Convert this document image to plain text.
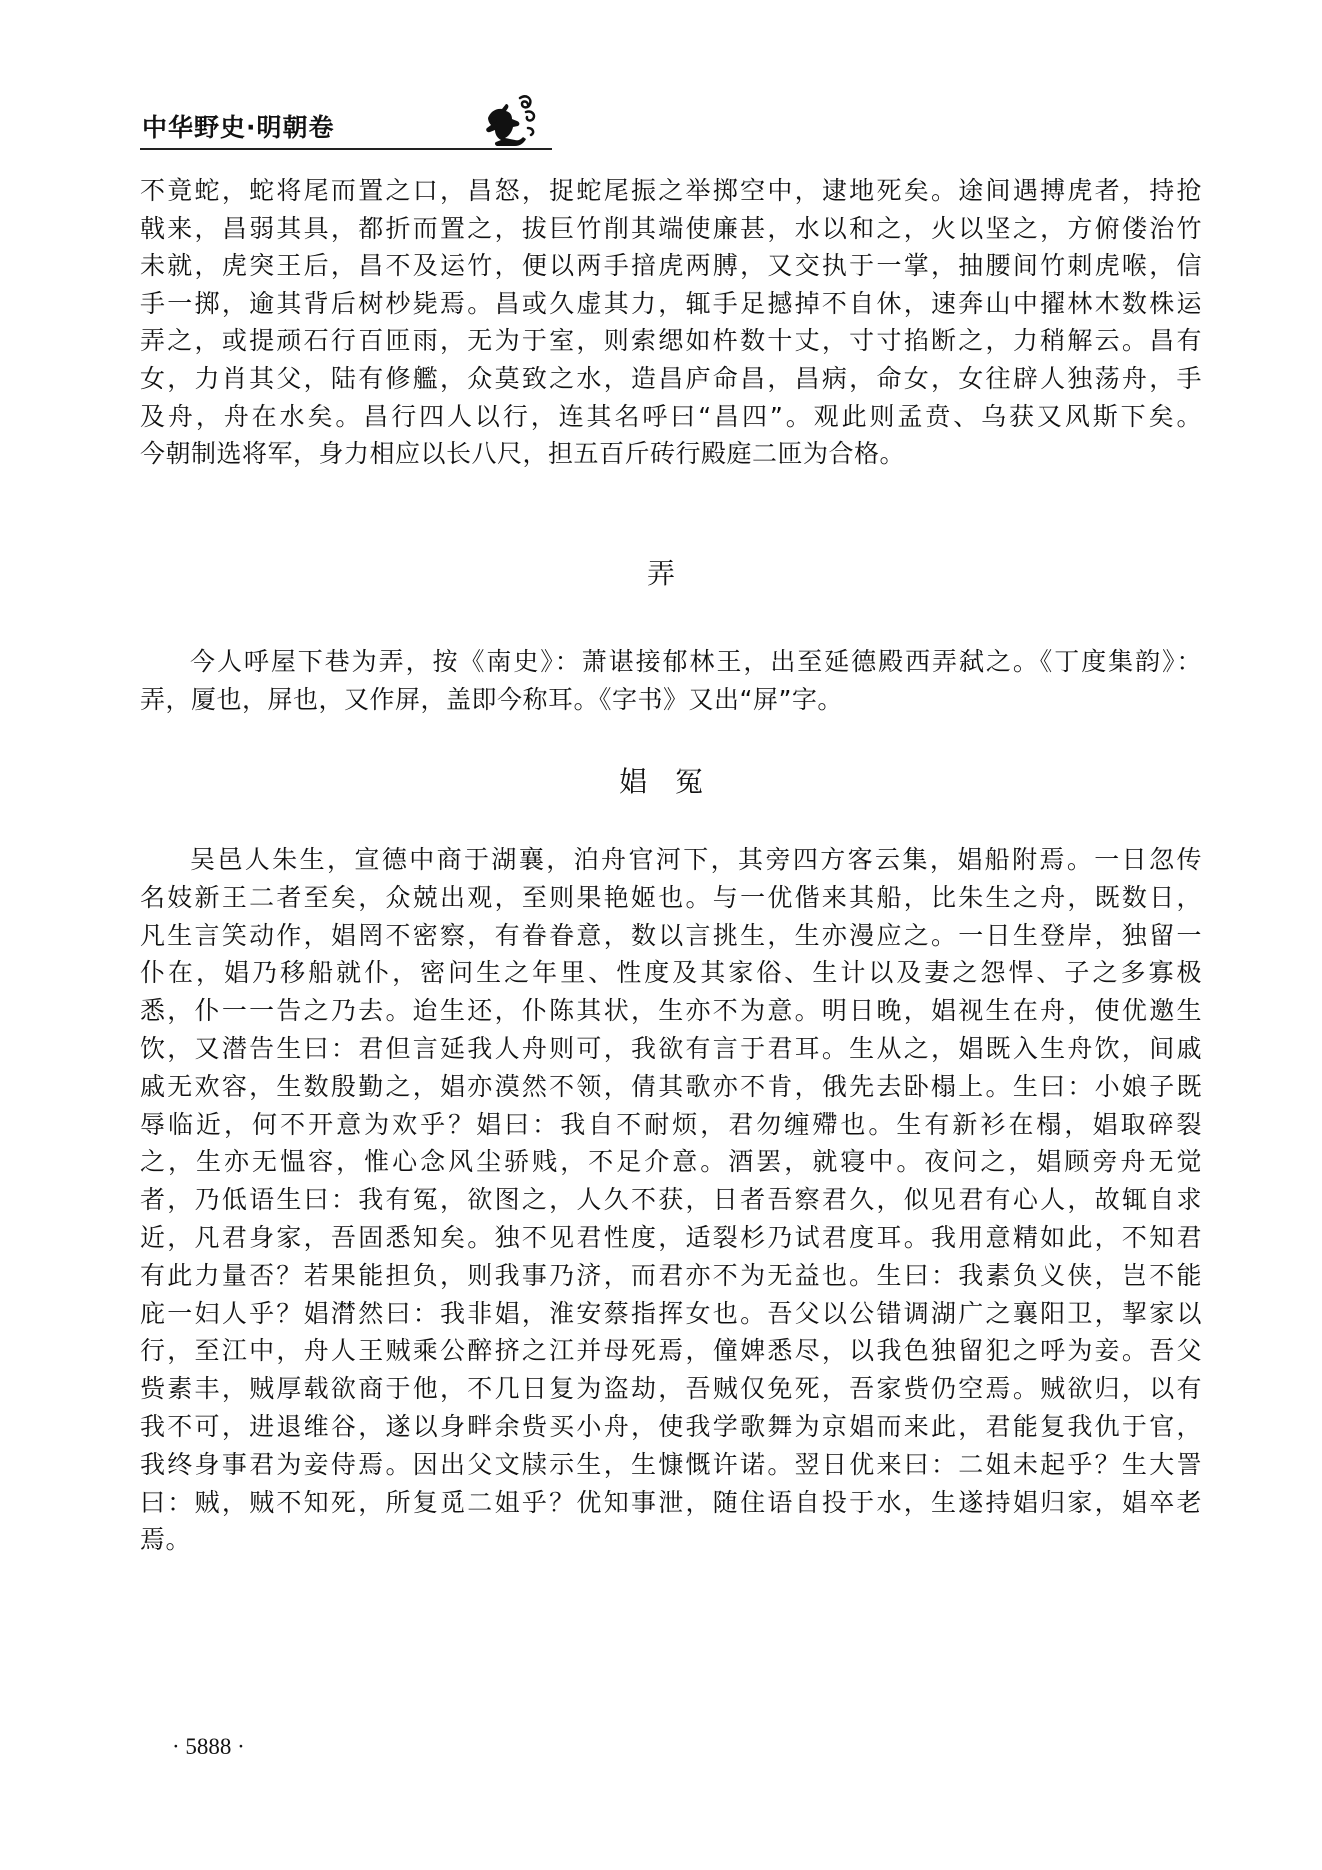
中华野史·明朝卷
不竟蛇，蛇将尾而置之口，昌怒，捉蛇尾振之举掷空中，逮地死矣。途间遇搏虎者，持抢
戟来，昌弱其具，都折而置之，拔巨竹削其端使廉甚，水以和之，火以坚之，方俯偻治竹
未就，虎突王后，昌不及运竹，便以两手揞虎两膊，又交执于一掌，抽腰间竹刺虎喉，信
手一掷，逾其背后树杪毙焉。昌或久虚其力，辄手足撼掉不自休，速奔山中擢林木数株运
弄之，或提顽石行百匝雨，无为于室，则索缌如杵数十丈，寸寸掐断之，力稍解云。昌有
女，力肖其父，陆有修艦，众莫致之水，造昌庐命昌，昌病，命女，女往辟人独荡舟，手
及舟，舟在水矣。昌行四人以行，连其名呼曰“昌四”。观此则孟贲、乌获又风斯下矣。
今朝制选将军，身力相应以长八尺，担五百斤砖行殿庭二匝为合格。
弄
今人呼屋下巷为弄，按《南史》：萧谌接郁林王，出至延德殿西弄弑之。《丁度集韵》：
弄，厦也，屏也，又作屏，盖即今称耳。《字书》又出“屏”字。
娼　冤
吴邑人朱生，宣德中商于湖襄，泊舟官河下，其旁四方客云集，娼船附焉。一日忽传
名妓新王二者至矣，众兢出观，至则果艳姬也。与一优偕来其船，比朱生之舟，既数日，
凡生言笑动作，娼罔不密察，有眷眷意，数以言挑生，生亦漫应之。一日生登岸，独留一
仆在，娼乃移船就仆，密问生之年里、性度及其家俗、生计以及妻之怨悍、子之多寡极
悉，仆一一告之乃去。迨生还，仆陈其状，生亦不为意。明日晚，娼视生在舟，使优邀生
饮，又潜告生曰：君但言延我人舟则可，我欲有言于君耳。生从之，娼既入生舟饮，间戚
戚无欢容，生数殷勤之，娼亦漠然不领，倩其歌亦不肯，俄先去卧榻上。生曰：小娘子既
辱临近，何不开意为欢乎？娼曰：我自不耐烦，君勿缠殢也。生有新衫在榻，娼取碎裂
之，生亦无愠容，惟心念风尘骄贱，不足介意。酒罢，就寝中。夜问之，娼顾旁舟无觉
者，乃低语生曰：我有冤，欲图之，人久不获，日者吾察君久，似见君有心人，故辄自求
近，凡君身家，吾固悉知矣。独不见君性度，适裂杉乃试君度耳。我用意精如此，不知君
有此力量否？若果能担负，则我事乃济，而君亦不为无益也。生曰：我素负义侠，岂不能
庇一妇人乎？娼潸然曰：我非娼，淮安蔡指挥女也。吾父以公错调湖广之襄阳卫，挈家以
行，至江中，舟人王贼乘公醉挤之江并母死焉，僮婢悉尽，以我色独留犯之呼为妾。吾父
赀素丰，贼厚载欲商于他，不几日复为盗劫，吾贼仅免死，吾家赀仍空焉。贼欲归，以有
我不可，进退维谷，遂以身畔余赀买小舟，使我学歌舞为京娼而来此，君能复我仇于官，
我终身事君为妾侍焉。因出父文牍示生，生慷慨许诺。翌日优来曰：二姐未起乎？生大詈
曰：贼，贼不知死，所复觅二姐乎？优知事泄，随住语自投于水，生遂持娼归家，娼卒老
焉。
· 5888 ·
